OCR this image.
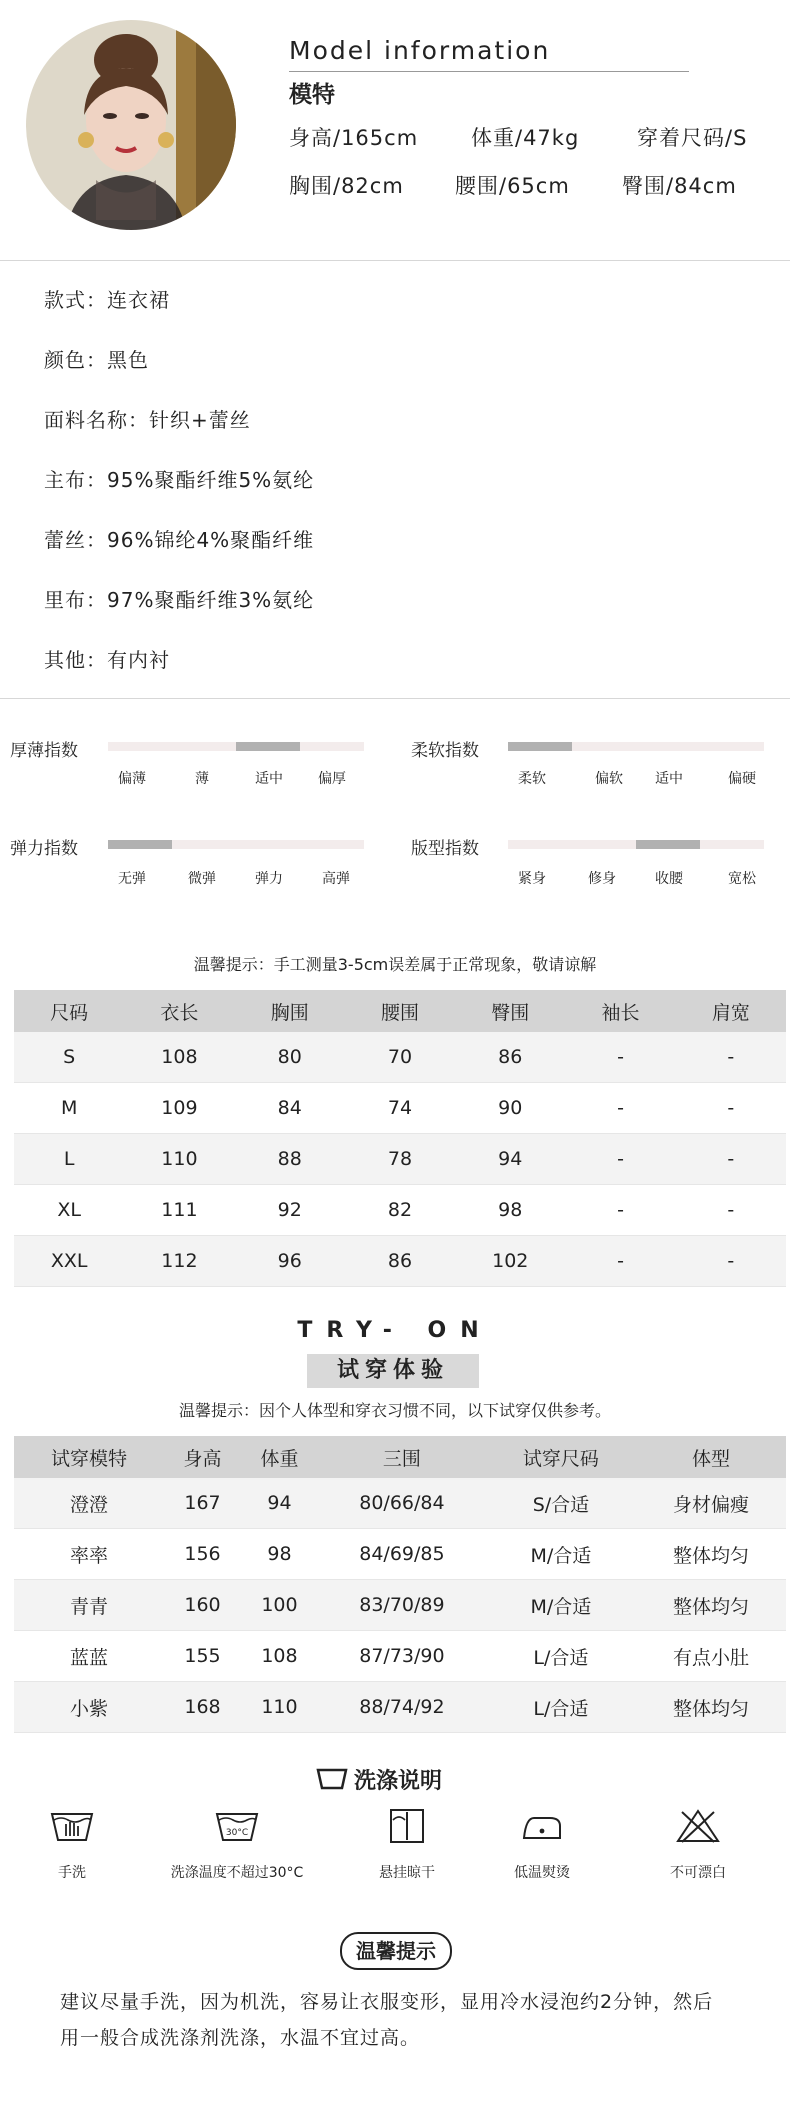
Model information
模特
身高/165cm	体重/47kg	穿着尺码/S
胸围/82cm 腰围/65cm 臀围/84cm
款式：连衣裙
颜色：黑色
面料名称：针织+蕾丝
主布：95%聚酯纤维5%氨纶
蕾丝：96%锦纶4%聚酯纤维
里布：97%聚酯纤维3%氨纶
其他：有内衬
厚薄指数
偏薄	薄	适中	偏厚
柔软指数
柔软	偏软 适中	偏硬
弹力指数
无弹	微弹	弹力	高弹
版型指数
紧身	修身	收腰	宽松
温馨提示：手工测量3-5cm误差属于正常现象，敬请谅解
尺码	衣长	胸围	腰围	臀围	袖长	肩宽
S	108	80	70	86	-	-
M	109	84	74	90	-	-
L	110	88	78	94	-	-
XL	111	92	82	98	-	-
XXL	112	96	86	102	-	-
TRY- ON
试穿体验
温馨提示：因个人体型和穿衣习惯不同，以下试穿仅供参考。
试穿模特	身高	体重	三围	试穿尺码	体型
澄澄	167	94	80/66/84	S/合适	身材偏瘦
率率	156	98	84/69/85	M/合适	整体均匀
青青	160	100	83/70/89	M/合适	整体均匀
蓝蓝	155	108	87/73/90	L/合适	有点小肚
小紫	168	110	88/74/92	L/合适	整体均匀
洗涤说明
30°C
手洗	洗涤温度不超过30°C	悬挂晾干	低温熨烫	不可漂白
温馨提示
建议尽量手洗，因为机洗，容易让衣服变形，显用冷水浸泡约2分钟，然后
用一般合成洗涤剂洗涤，水温不宜过高。
